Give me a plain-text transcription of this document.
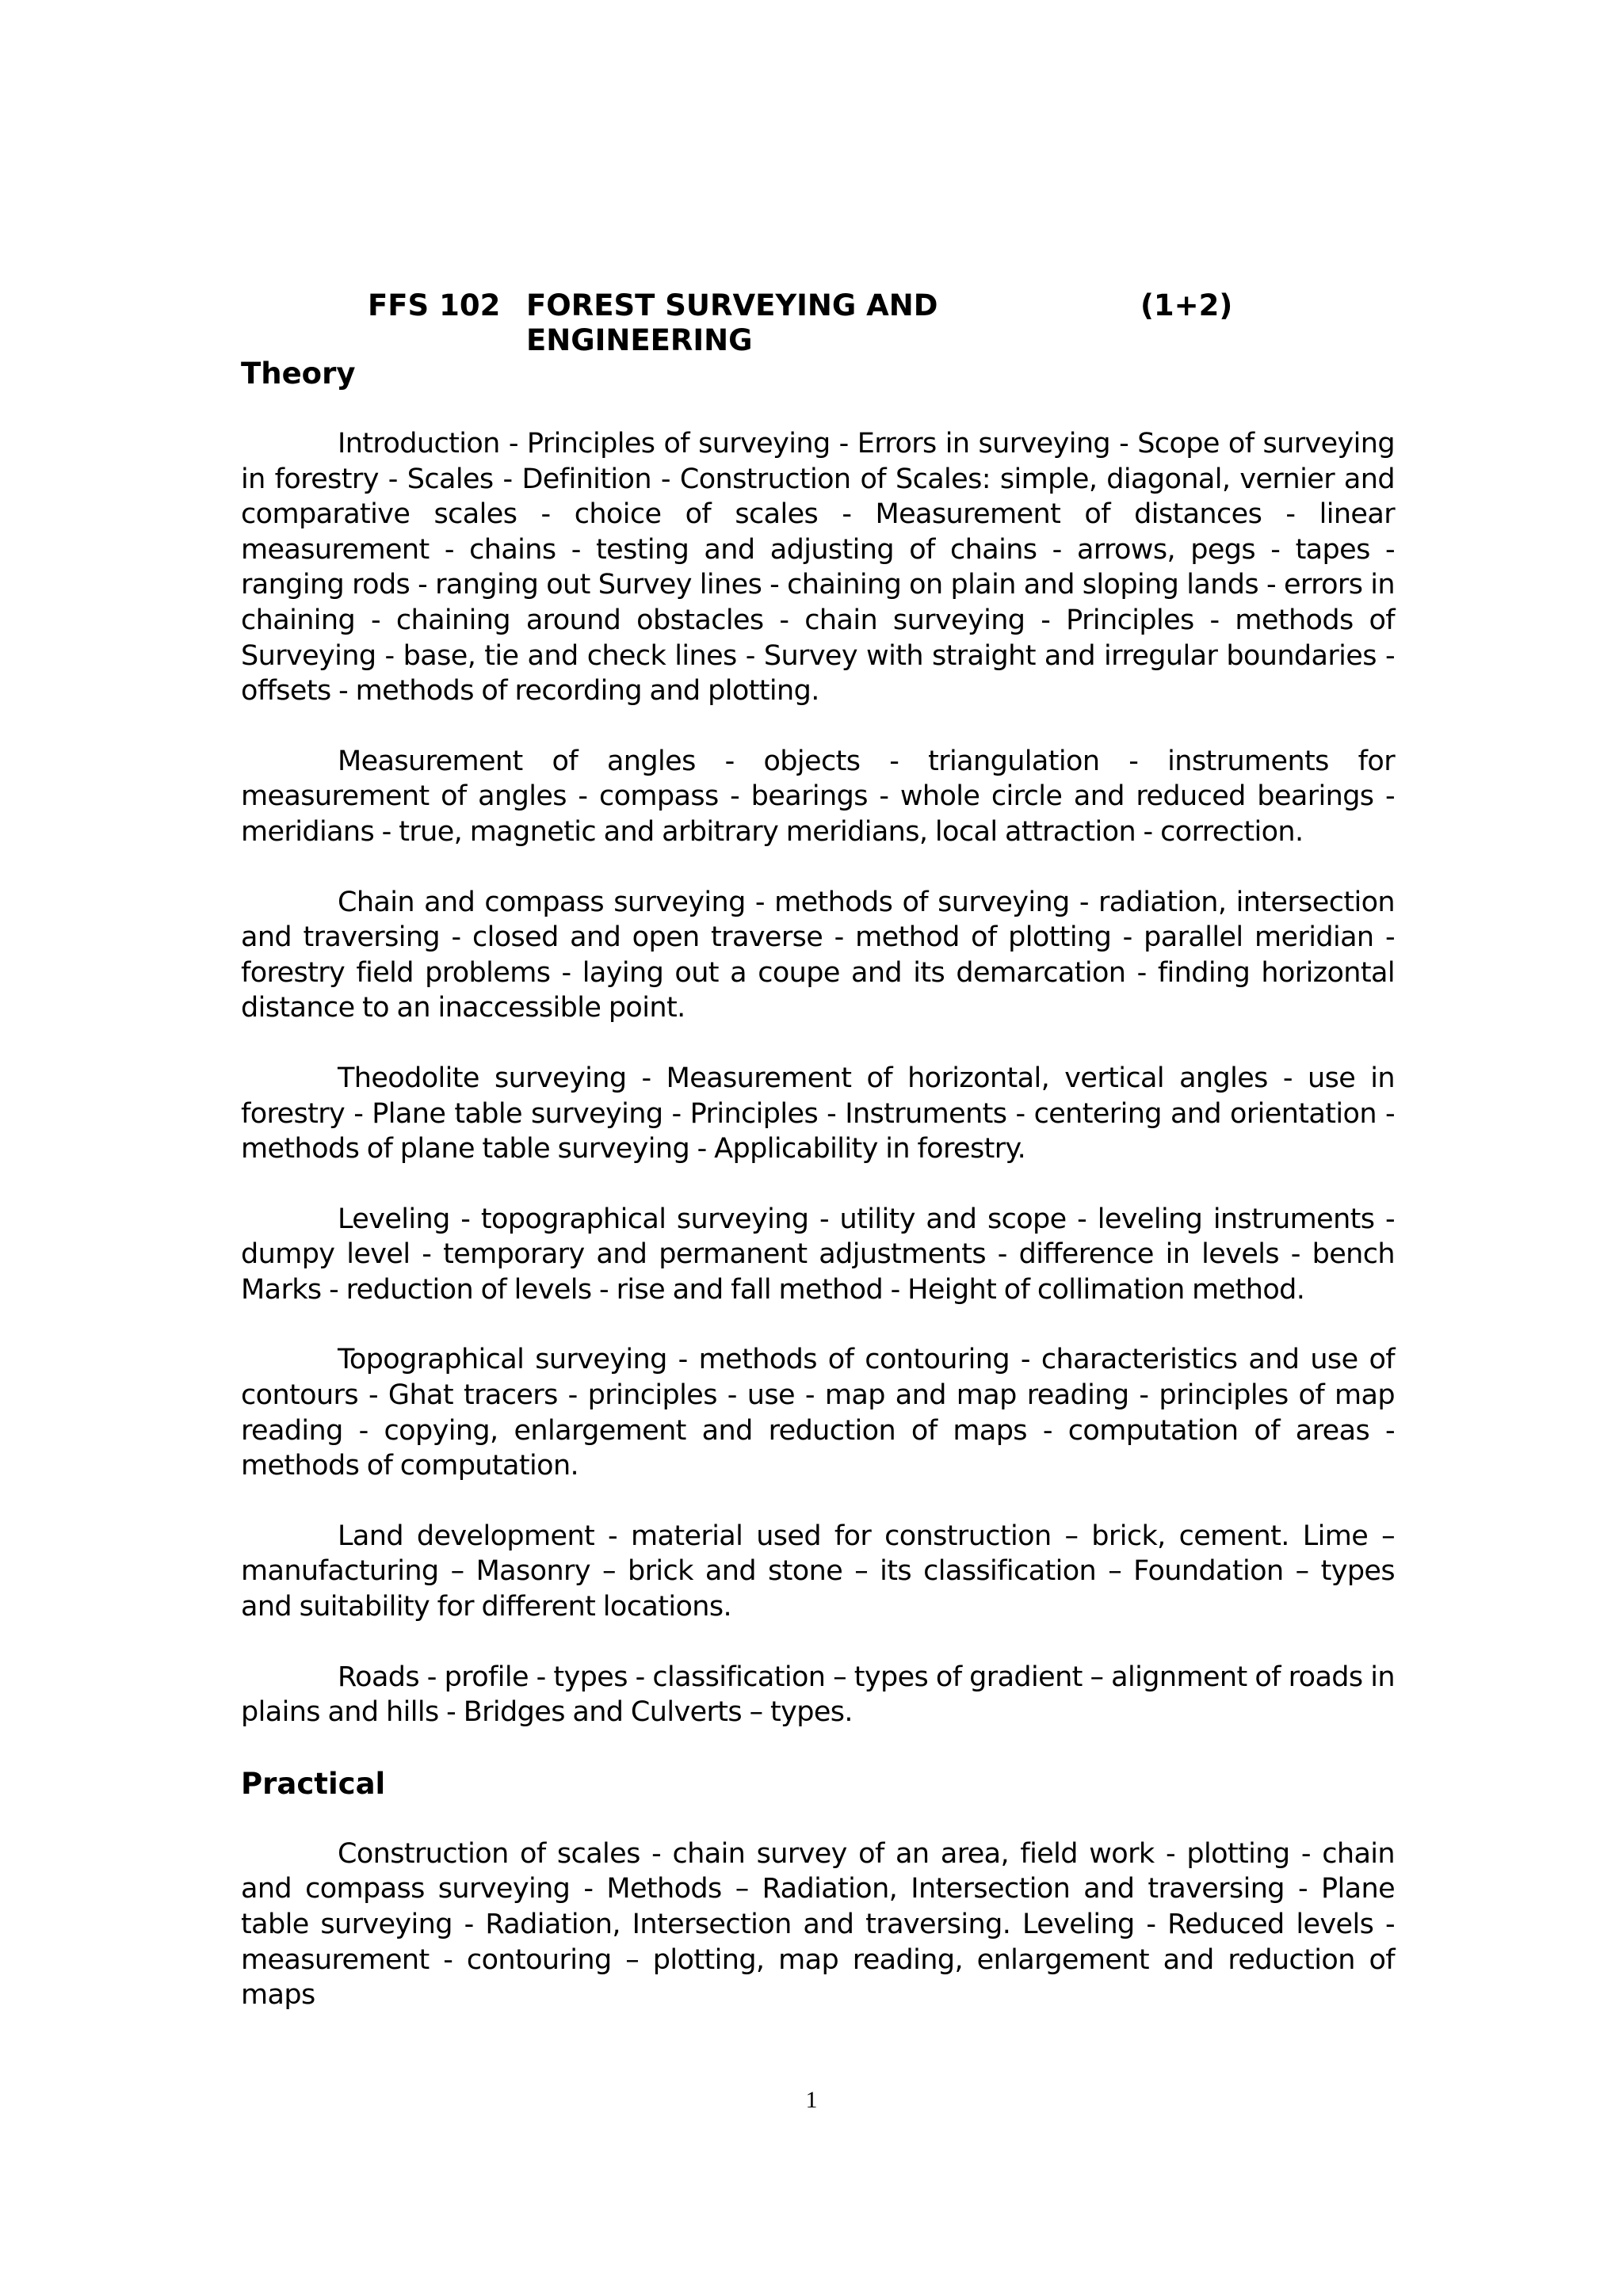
FFS 102 FOREST SURVEYING AND ENGINEERING
(1+2)
Theory

Introduction - Principles of surveying - Errors in surveying - Scope of surveying in forestry - Scales - Definition - Construction of Scales: simple, diagonal, vernier and comparative scales - choice of scales - Measurement of distances - linear measurement - chains - testing and adjusting of chains - arrows, pegs - tapes - ranging rods - ranging out Survey lines - chaining on plain and sloping lands - errors in chaining - chaining around obstacles - chain surveying - Principles - methods of Surveying - base, tie and check lines - Survey with straight and irregular boundaries - offsets - methods of recording and plotting.

Measurement of angles - objects - triangulation - instruments for measurement of angles - compass - bearings - whole circle and reduced bearings - meridians - true, magnetic and arbitrary meridians, local attraction - correction.

Chain and compass surveying - methods of surveying - radiation, intersection and traversing - closed and open traverse - method of plotting - parallel meridian - forestry field problems - laying out a coupe and its demarcation - finding horizontal distance to an inaccessible point.

Theodolite surveying - Measurement of horizontal, vertical angles - use in forestry - Plane table surveying - Principles - Instruments - centering and orientation - methods of plane table surveying - Applicability in forestry.

Leveling - topographical surveying - utility and scope - leveling instruments - dumpy level - temporary and permanent adjustments - difference in levels - bench Marks - reduction of levels - rise and fall method - Height of collimation method.

Topographical surveying - methods of contouring - characteristics and use of contours - Ghat tracers - principles - use - map and map reading - principles of map reading - copying, enlargement and reduction of maps - computation of areas - methods of computation.

Land development - material used for construction – brick, cement. Lime – manufacturing – Masonry – brick and stone – its classification – Foundation – types and suitability for different locations.

Roads - profile - types - classification – types of gradient – alignment of roads in plains and hills - Bridges and Culverts – types.

Practical

Construction of scales - chain survey of an area, field work - plotting - chain and compass surveying - Methods – Radiation, Intersection and traversing - Plane table surveying - Radiation, Intersection and traversing. Leveling - Reduced levels - measurement - contouring – plotting, map reading, enlargement and reduction of maps

1
